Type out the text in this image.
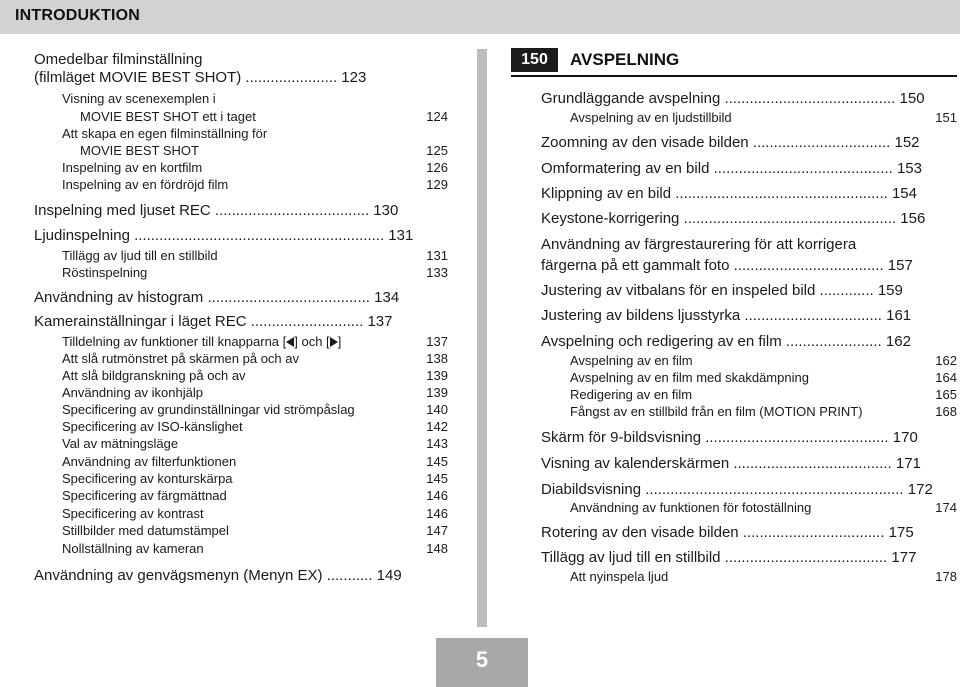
INTRODUKTION
Omedelbar filminställning
(filmläget MOVIE BEST SHOT) ...................... 123
Visning av scenexemplen i
MOVIE BEST SHOT ett i taget	124
Att skapa en egen filminställning för
MOVIE BEST SHOT	125
Inspelning av en kortfilm	126
Inspelning av en fördröjd film	129
Inspelning med ljuset REC ..................................... 130
Ljudinspelning ............................................................ 131
Tillägg av ljud till en stillbild	131
Röstinspelning	133
Användning av histogram ....................................... 134
Kamerainställningar i läget REC ........................... 137
Tilldelning av funktioner till knapparna [ ] och [ ]	137
Att slå rutmönstret på skärmen på och av	138
Att slå bildgranskning på och av	139
Användning av ikonhjälp	139
Specificering av grundinställningar vid strömpåslag	140
Specificering av ISO-känslighet	142
Val av mätningsläge	143
Användning av filterfunktionen	145
Specificering av konturskärpa	145
Specificering av färgmättnad	146
Specificering av kontrast	146
Stillbilder med datumstämpel	147
Nollställning av kameran	148
Användning av genvägsmenyn (Menyn EX) ........... 149
150	AVSPELNING
Grundläggande avspelning ......................................... 150
Avspelning av en ljudstillbild	151
Zoomning av den visade bilden ................................. 152
Omformatering av en bild ........................................... 153
Klippning av en bild ................................................... 154
Keystone-korrigering ................................................... 156
Användning av färgrestaurering för att korrigera
färgerna på ett gammalt foto .................................... 157
Justering av vitbalans för en inspeled bild ............. 159
Justering av bildens ljusstyrka ................................. 161
Avspelning och redigering av en film ....................... 162
Avspelning av en film	162
Avspelning av en film med skakdämpning	164
Redigering av en film	165
Fångst av en stillbild från en film (MOTION PRINT)	168
Skärm för 9-bildsvisning ............................................ 170
Visning av kalenderskärmen ...................................... 171
Diabildsvisning .............................................................. 172
Användning av funktionen för fotoställning	174
Rotering av den visade bilden .................................. 175
Tillägg av ljud till en stillbild ....................................... 177
Att nyinspela ljud	178
5
